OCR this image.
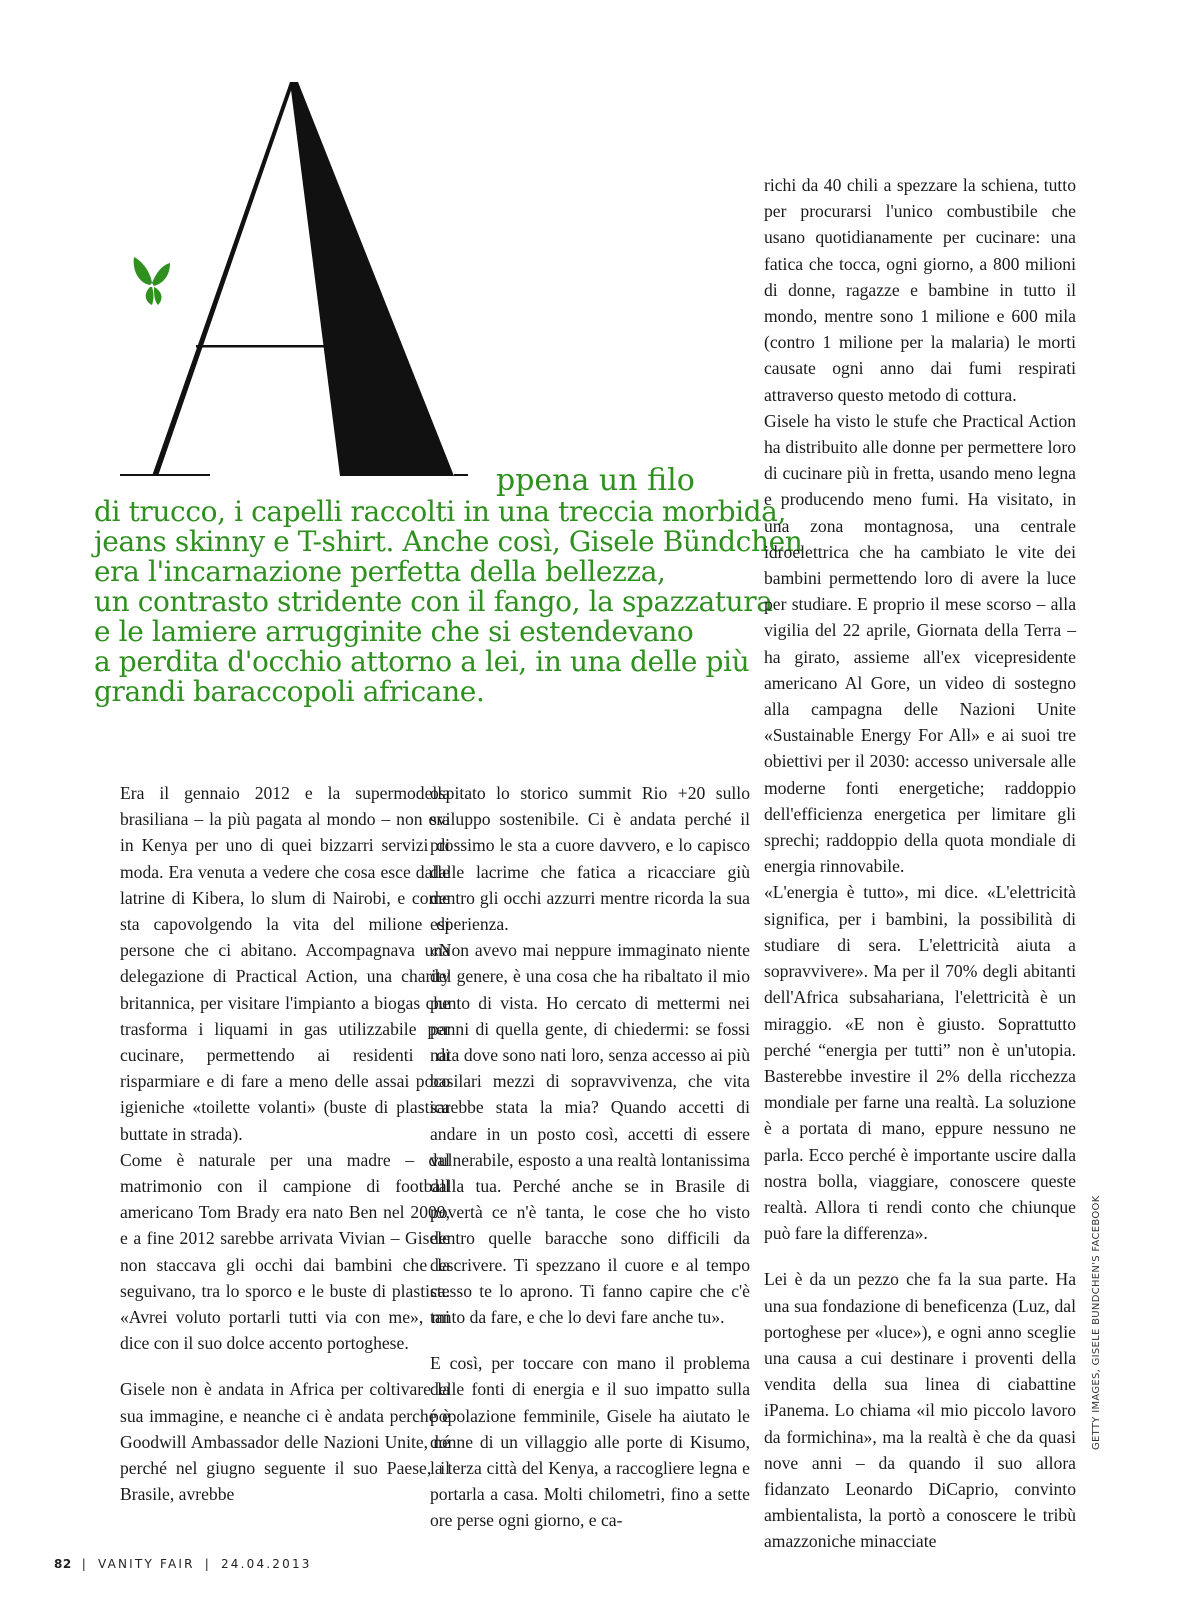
ppena un filo
di trucco, i capelli raccolti in una treccia morbida,
jeans skinny e T-shirt. Anche così, Gisele Bündchen
era l'incarnazione perfetta della bellezza,
un contrasto stridente con il fango, la spazzatura
e le lamiere arrugginite che si estendevano
a perdita d'occhio attorno a lei, in una delle più
grandi baraccopoli africane.

Era il gennaio 2012 e la supermodella brasiliana – la più pagata al mondo – non era in Kenya per uno di quei bizzarri servizi di moda. Era venuta a vedere che cosa esce dalle latrine di Kibera, lo slum di Nairobi, e come sta capovolgendo la vita del milione di persone che ci abitano. Accompagnava una delegazione di Practical Action, una charity britannica, per visitare l'impianto a biogas che trasforma i liquami in gas utilizzabile per cucinare, permettendo ai residenti di risparmiare e di fare a meno delle assai poco igieniche «toilette volanti» (buste di plastica buttate in strada).

Come è naturale per una madre – dal matrimonio con il campione di football americano Tom Brady era nato Ben nel 2009, e a fine 2012 sarebbe arrivata Vivian – Gisele non staccava gli occhi dai bambini che la seguivano, tra lo sporco e le buste di plastica. «Avrei voluto portarli tutti via con me», mi dice con il suo dolce accento portoghese.

Gisele non è andata in Africa per coltivare la sua immagine, e neanche ci è andata perché è Goodwill Ambassador delle Nazioni Unite, né perché nel giugno seguente il suo Paese, il Brasile, avrebbe

ospitato lo storico summit Rio +20 sullo sviluppo sostenibile. Ci è andata perché il prossimo le sta a cuore davvero, e lo capisco dalle lacrime che fatica a ricacciare giù dentro gli occhi azzurri mentre ricorda la sua esperienza.

«Non avevo mai neppure immaginato niente del genere, è una cosa che ha ribaltato il mio punto di vista. Ho cercato di mettermi nei panni di quella gente, di chiedermi: se fossi nata dove sono nati loro, senza accesso ai più basilari mezzi di sopravvivenza, che vita sarebbe stata la mia? Quando accetti di andare in un posto così, accetti di essere vulnerabile, esposto a una realtà lontanissima dalla tua. Perché anche se in Brasile di povertà ce n'è tanta, le cose che ho visto dentro quelle baracche sono difficili da descrivere. Ti spezzano il cuore e al tempo stesso te lo aprono. Ti fanno capire che c'è tanto da fare, e che lo devi fare anche tu».

E così, per toccare con mano il problema delle fonti di energia e il suo impatto sulla popolazione femminile, Gisele ha aiutato le donne di un villaggio alle porte di Kisumo, la terza città del Kenya, a raccogliere legna e portarla a casa. Molti chilometri, fino a sette ore perse ogni giorno, e ca-

richi da 40 chili a spezzare la schiena, tutto per procurarsi l'unico combustibile che usano quotidianamente per cucinare: una fatica che tocca, ogni giorno, a 800 milioni di donne, ragazze e bambine in tutto il mondo, mentre sono 1 milione e 600 mila (contro 1 milione per la malaria) le morti causate ogni anno dai fumi respirati attraverso questo metodo di cottura.

Gisele ha visto le stufe che Practical Action ha distribuito alle donne per permettere loro di cucinare più in fretta, usando meno legna e producendo meno fumi. Ha visitato, in una zona montagnosa, una centrale idroelettrica che ha cambiato le vite dei bambini permettendo loro di avere la luce per studiare. E proprio il mese scorso – alla vigilia del 22 aprile, Giornata della Terra – ha girato, assieme all'ex vicepresidente americano Al Gore, un video di sostegno alla campagna delle Nazioni Unite «Sustainable Energy For All» e ai suoi tre obiettivi per il 2030: accesso universale alle moderne fonti energetiche; raddoppio dell'efficienza energetica per limitare gli sprechi; raddoppio della quota mondiale di energia rinnovabile.

«L'energia è tutto», mi dice. «L'elettricità significa, per i bambini, la possibilità di studiare di sera. L'elettricità aiuta a sopravvivere». Ma per il 70% degli abitanti dell'Africa subsahariana, l'elettricità è un miraggio. «E non è giusto. Soprattutto perché “energia per tutti” non è un'utopia. Basterebbe investire il 2% della ricchezza mondiale per farne una realtà. La soluzione è a portata di mano, eppure nessuno ne parla. Ecco perché è importante uscire dalla nostra bolla, viaggiare, conoscere queste realtà. Allora ti rendi conto che chiunque può fare la differenza».

Lei è da un pezzo che fa la sua parte. Ha una sua fondazione di beneficenza (Luz, dal portoghese per «luce»), e ogni anno sceglie una causa a cui destinare i proventi della vendita della sua linea di ciabattine iPanema. Lo chiama «il mio piccolo lavoro da formichina», ma la realtà è che da quasi nove anni – da quando il suo allora fidanzato Leonardo DiCaprio, convinto ambientalista, la portò a conoscere le tribù amazzoniche minacciate

82 | VANITY FAIR | 24.04.2013
GETTY IMAGES, GISELE BUNDCHEN'S FACEBOOK
